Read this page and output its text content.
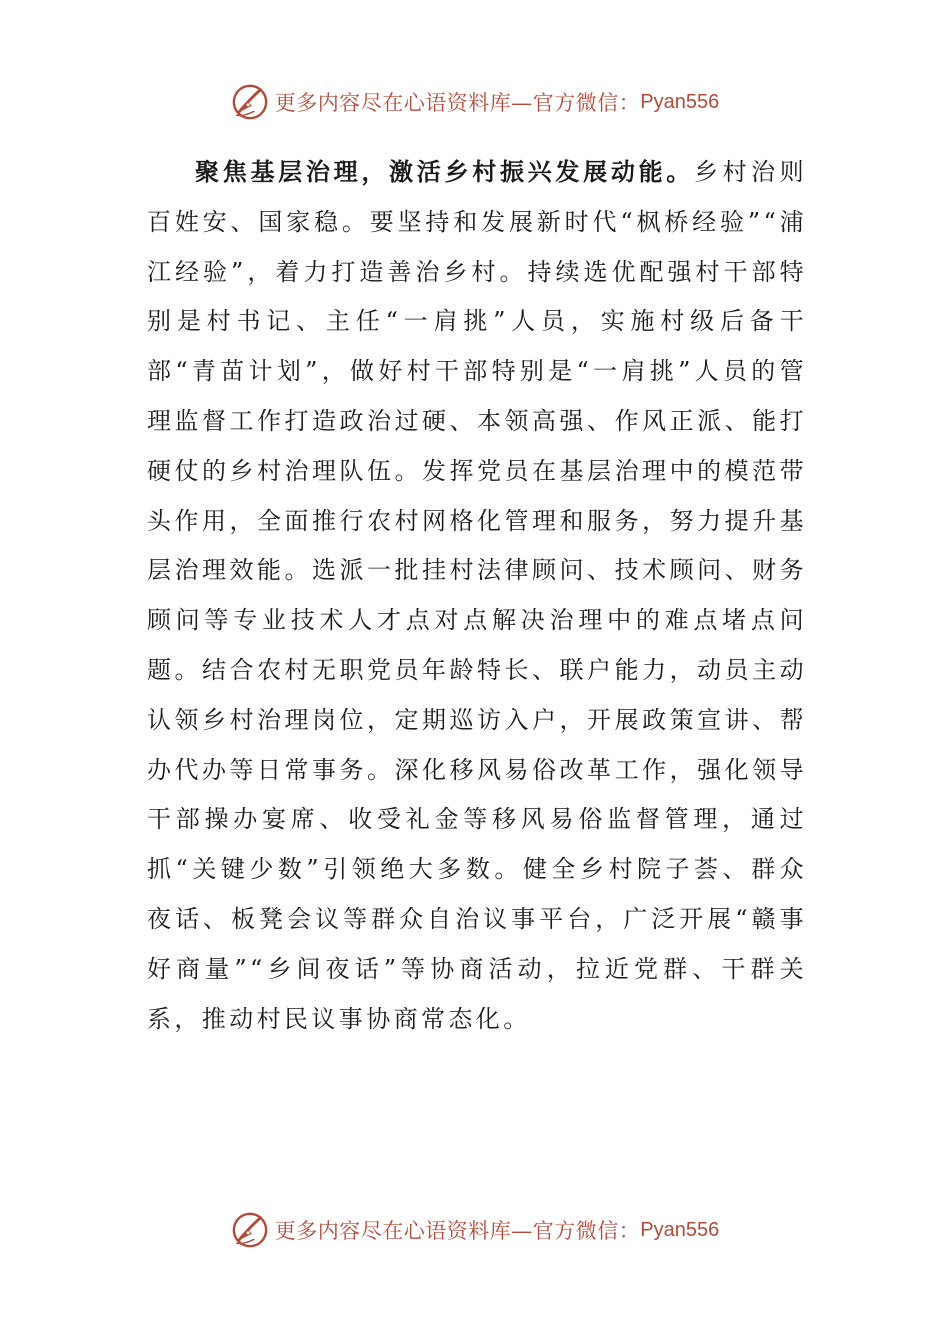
更多内容尽在心语资料库—官方微信： Pyan556

聚焦基层治理，激活乡村振兴发展动能。乡村治则百姓安、国家稳。要坚持和发展新时代“枫桥经验”“浦江经验”，着力打造善治乡村。持续选优配强村干部特别是村书记、主任“一肩挑”人员，实施村级后备干部“青苗计划”，做好村干部特别是“一肩挑”人员的管理监督工作打造政治过硬、本领高强、作风正派、能打硬仗的乡村治理队伍。发挥党员在基层治理中的模范带头作用，全面推行农村网格化管理和服务，努力提升基层治理效能。选派一批挂村法律顾问、技术顾问、财务顾问等专业技术人才点对点解决治理中的难点堵点问题。结合农村无职党员年龄特长、联户能力，动员主动认领乡村治理岗位，定期巡访入户，开展政策宣讲、帮办代办等日常事务。深化移风易俗改革工作，强化领导干部操办宴席、收受礼金等移风易俗监督管理，通过抓“关键少数”引领绝大多数。健全乡村院子荟、群众夜话、板凳会议等群众自治议事平台，广泛开展“赣事好商量”“乡间夜话”等协商活动，拉近党群、干群关系，推动村民议事协商常态化。

更多内容尽在心语资料库—官方微信： Pyan556
